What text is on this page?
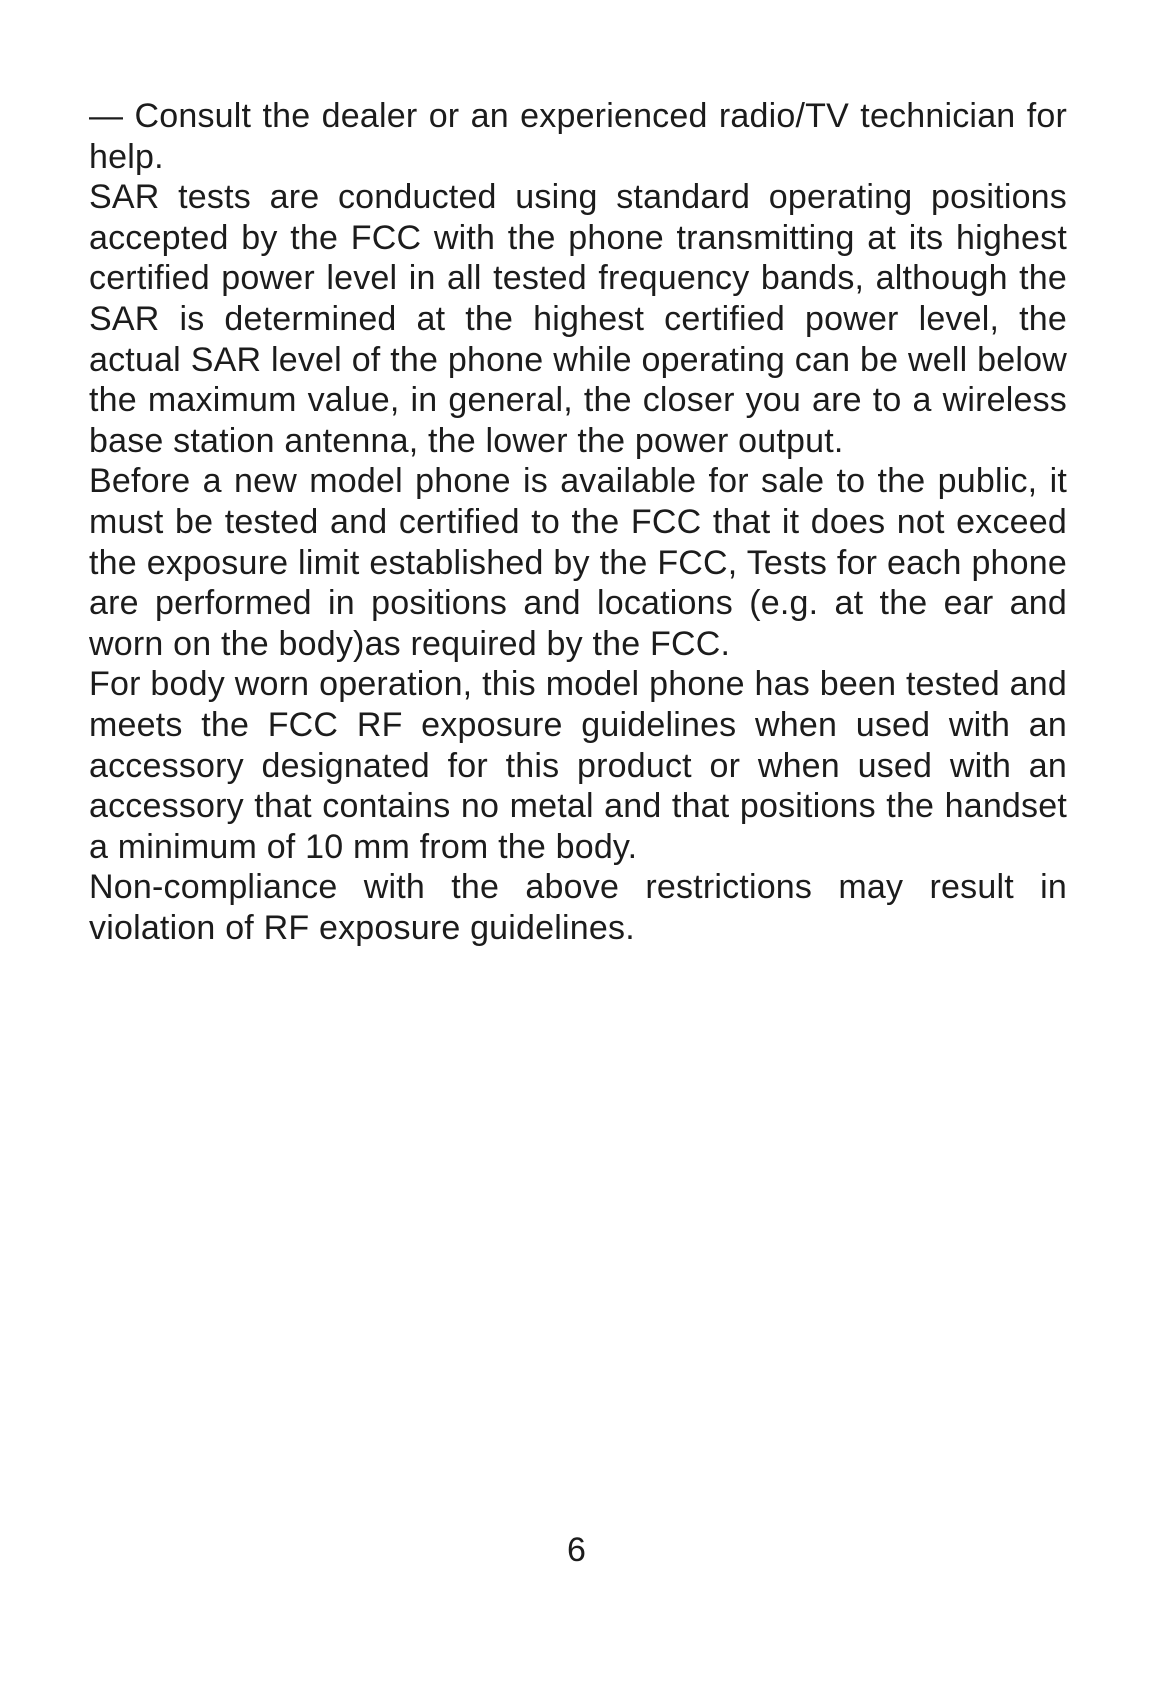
— Consult the dealer or an experienced radio/TV technician for help.

SAR tests are conducted using standard operating positions accepted by the FCC with the phone transmitting at its highest certified power level in all tested frequency bands, although the SAR is determined at the highest certified power level, the actual SAR level of the phone while operating can be well below the maximum value, in general, the closer you are to a wireless base station antenna, the lower the power output.

Before a new model phone is available for sale to the public, it must be tested and certified to the FCC that it does not exceed the exposure limit established by the FCC, Tests for each phone are performed in positions and locations (e.g. at the ear and worn on the body)as required by the FCC.

For body worn operation, this model phone has been tested and meets the FCC RF exposure guidelines when used with an accessory designated for this product or when used with an accessory that contains no metal and that positions the handset a minimum of 10 mm from the body.

Non-compliance with the above restrictions may result in violation of RF exposure guidelines.

6
